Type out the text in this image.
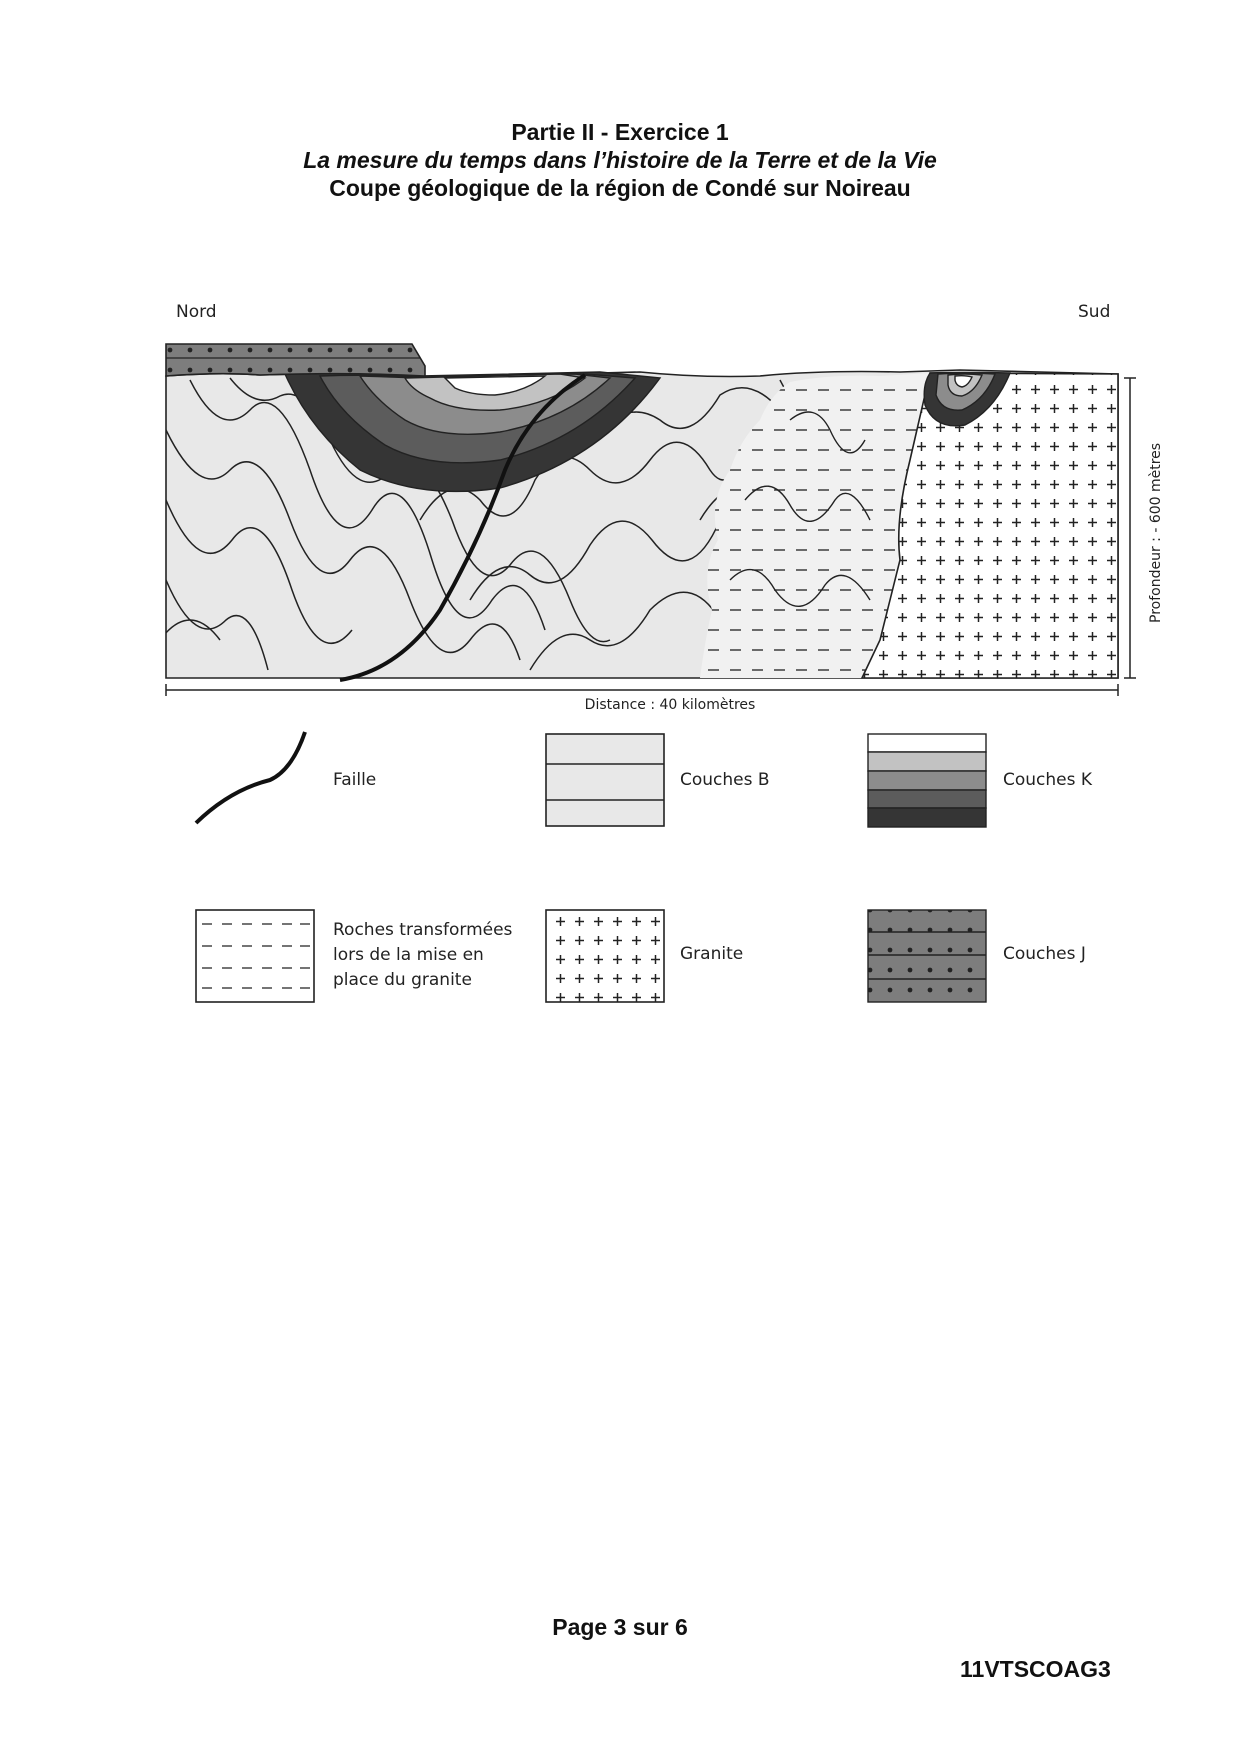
Partie II - Exercice 1
La mesure du temps dans l’histoire de la Terre et de la Vie
Coupe géologique de la région de Condé sur Noireau
Nord	Sud
Profondeur : - 600 mètres
Distance : 40 kilomètres
Faille	Couches B	Couches K
Roches transformées
lors de la mise en
place du granite
Granite	Couches J
Page 3 sur 6
11VTSCOAG3
